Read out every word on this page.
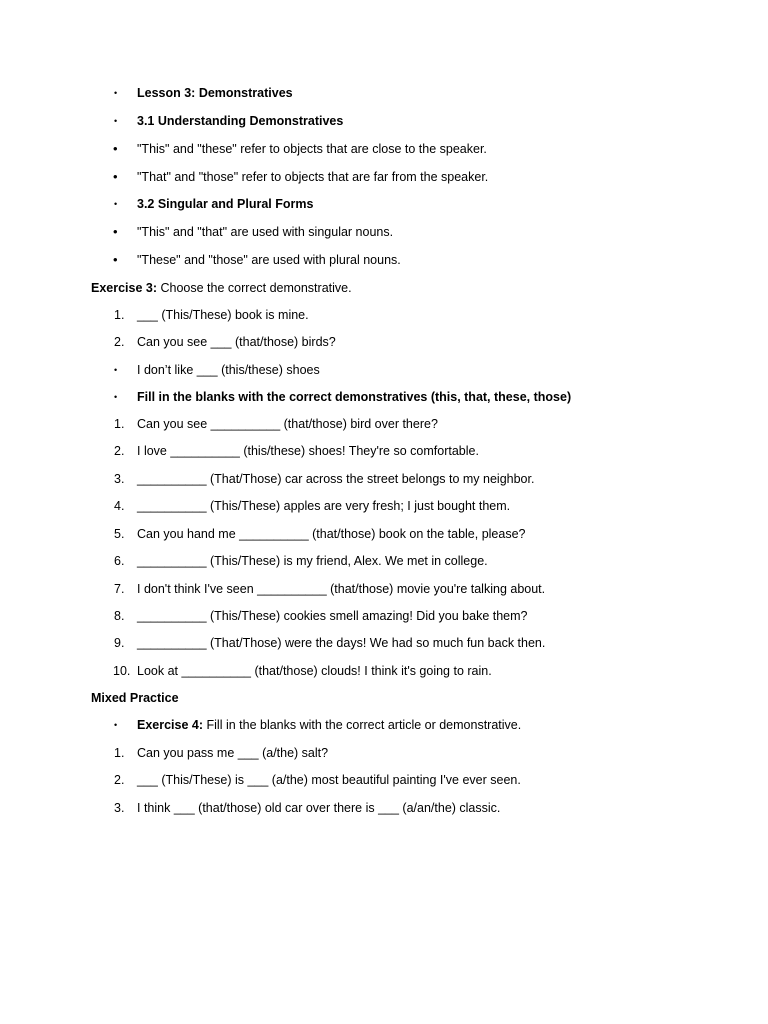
• Lesson 3: Demonstratives
• 3.1 Understanding Demonstratives
• "This" and "these" refer to objects that are close to the speaker.
• "That" and "those" refer to objects that are far from the speaker.
• 3.2 Singular and Plural Forms
• "This" and "that" are used with singular nouns.
• "These" and "those" are used with plural nouns.
Exercise 3: Choose the correct demonstrative.
1. ___ (This/These) book is mine.
2. Can you see ___ (that/those) birds?
• I don’t like ___ (this/these) shoes
• Fill in the blanks with the correct demonstratives (this, that, these, those)
1. Can you see __________ (that/those) bird over there?
2. I love __________ (this/these) shoes! They're so comfortable.
3. __________ (That/Those) car across the street belongs to my neighbor.
4. __________ (This/These) apples are very fresh; I just bought them.
5. Can you hand me __________ (that/those) book on the table, please?
6. __________ (This/These) is my friend, Alex. We met in college.
7. I don't think I've seen __________ (that/those) movie you're talking about.
8. __________ (This/These) cookies smell amazing! Did you bake them?
9. __________ (That/Those) were the days! We had so much fun back then.
10. Look at __________ (that/those) clouds! I think it's going to rain.
Mixed Practice
• Exercise 4: Fill in the blanks with the correct article or demonstrative.
1. Can you pass me ___ (a/the) salt?
2. ___ (This/These) is ___ (a/the) most beautiful painting I've ever seen.
3. I think ___ (that/those) old car over there is ___ (a/an/the) classic.
